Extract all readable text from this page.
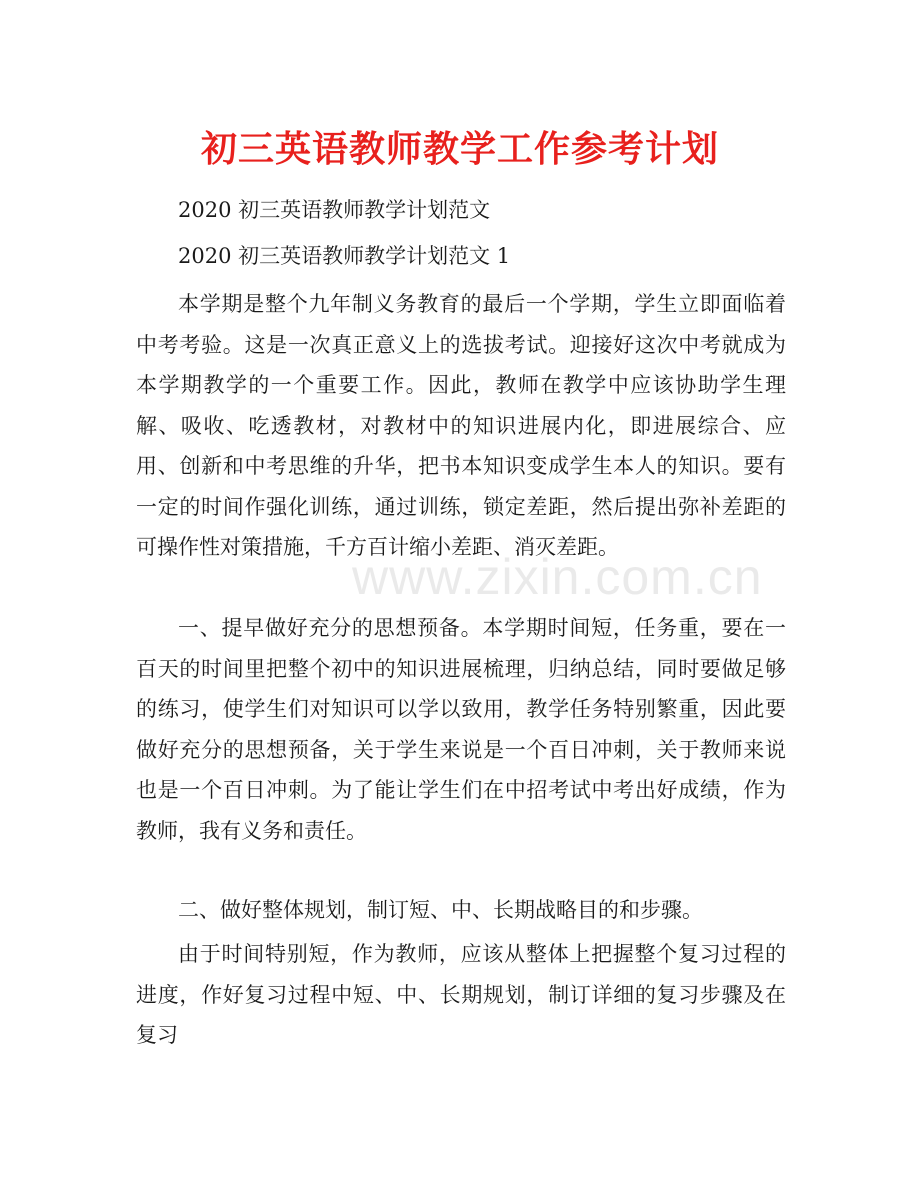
初三英语教师教学工作参考计划

2020 初三英语教师教学计划范文

2020 初三英语教师教学计划范文 1

本学期是整个九年制义务教育的最后一个学期，学生立即面临着中考考验。这是一次真正意义上的选拔考试。迎接好这次中考就成为本学期教学的一个重要工作。因此，教师在教学中应该协助学生理解、吸收、吃透教材，对教材中的知识进展内化，即进展综合、应用、创新和中考思维的升华，把书本知识变成学生本人的知识。要有一定的时间作强化训练，通过训练，锁定差距，然后提出弥补差距的可操作性对策措施，千方百计缩小差距、消灭差距。

一、提早做好充分的思想预备。本学期时间短，任务重，要在一百天的时间里把整个初中的知识进展梳理，归纳总结，同时要做足够的练习，使学生们对知识可以学以致用，教学任务特别繁重，因此要做好充分的思想预备，关于学生来说是一个百日冲刺，关于教师来说也是一个百日冲刺。为了能让学生们在中招考试中考出好成绩，作为教师，我有义务和责任。

二、做好整体规划，制订短、中、长期战略目的和步骤。

由于时间特别短，作为教师，应该从整体上把握整个复习过程的进度，作好复习过程中短、中、长期规划，制订详细的复习步骤及在复习

www.zixin.com.cn
